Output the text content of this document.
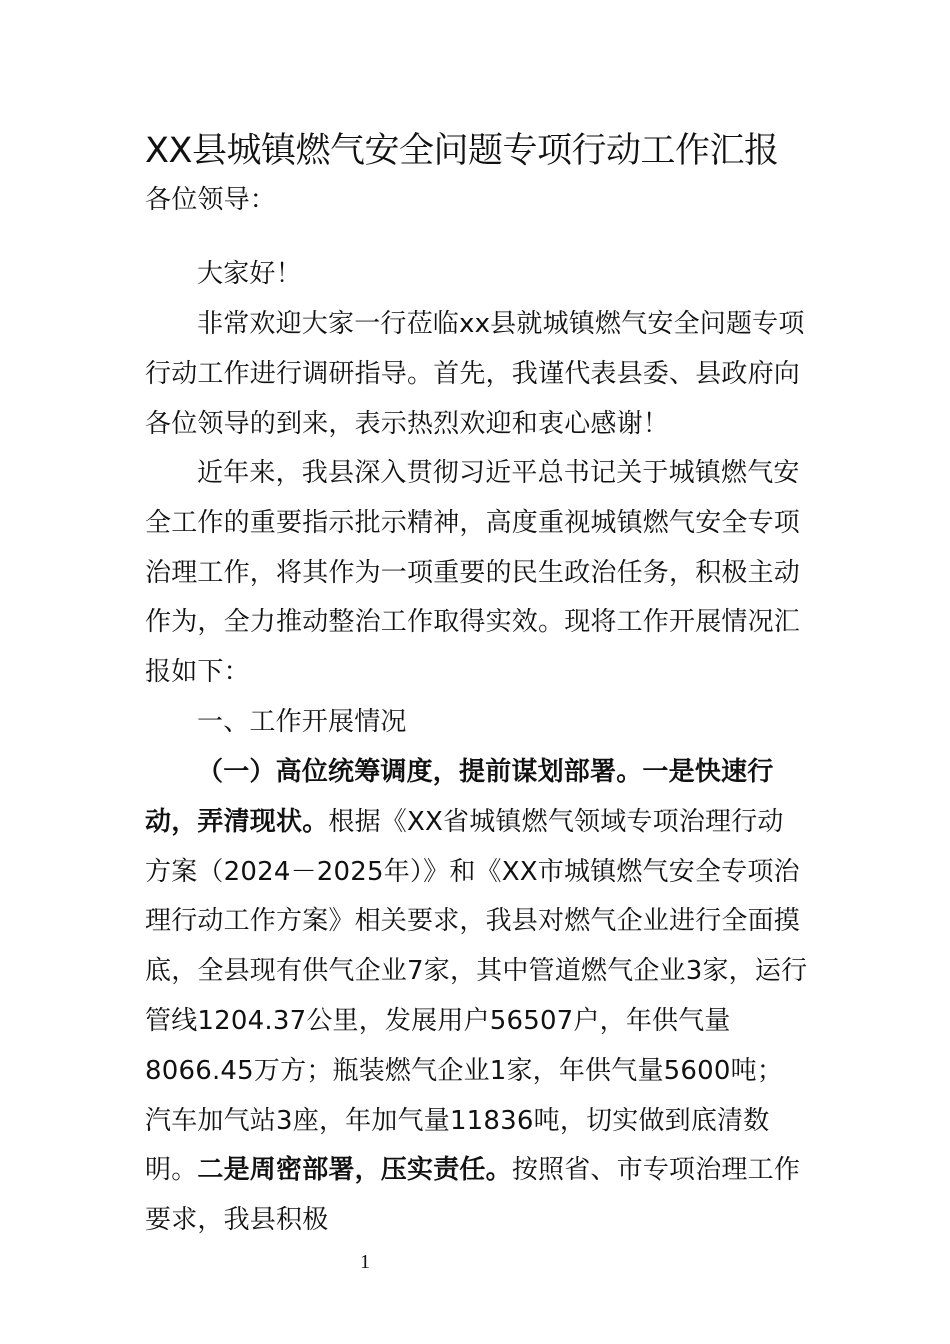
XX县城镇燃气安全问题专项行动工作汇报
各位领导：
大家好！
非常欢迎大家一行莅临xx县就城镇燃气安全问题专项行动工作进行调研指导。首先，我谨代表县委、县政府向各位领导的到来，表示热烈欢迎和衷心感谢！
近年来，我县深入贯彻习近平总书记关于城镇燃气安全工作的重要指示批示精神，高度重视城镇燃气安全专项治理工作，将其作为一项重要的民生政治任务，积极主动作为，全力推动整治工作取得实效。现将工作开展情况汇报如下：
一、工作开展情况
（一）高位统筹调度，提前谋划部署。一是快速行动，弄清现状。根据《XX省城镇燃气领域专项治理行动方案（2024－2025年）》和《XX市城镇燃气安全专项治理行动工作方案》相关要求，我县对燃气企业进行全面摸底，全县现有供气企业7家，其中管道燃气企业3家，运行管线1204.37公里，发展用户56507户，年供气量8066.45万方；瓶装燃气企业1家，年供气量5600吨；汽车加气站3座，年加气量11836吨，切实做到底清数明。二是周密部署，压实责任。按照省、市专项治理工作要求，我县积极
1
